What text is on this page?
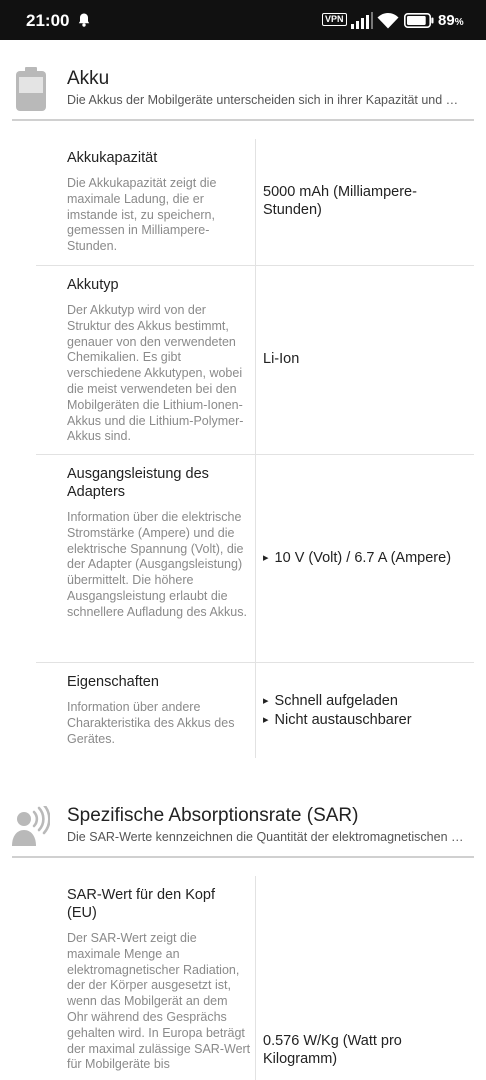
21:00	VPN	89%
Akku
Die Akkus der Mobilgeräte unterscheiden sich in ihrer Kapazität und …
Akkukapazität
Die Akkukapazität zeigt die maximale Ladung, die er imstande ist, zu speichern, gemessen in Milliampere-Stunden.
5000 mAh (Milliampere-Stunden)
Akkutyp
Der Akkutyp wird von der Struktur des Akkus bestimmt, genauer von den verwendeten Chemikalien. Es gibt verschiedene Akkutypen, wobei die meist verwendeten bei den Mobilgeräten die Lithium-Ionen-Akkus und die Lithium-Polymer-Akkus sind.
Li-Ion
Ausgangsleistung des Adapters
Information über die elektrische Stromstärke (Ampere) und die elektrische Spannung (Volt), die der Adapter (Ausgangsleistung) übermittelt. Die höhere Ausgangsleistung erlaubt die schnellere Aufladung des Akkus.
▸ 10 V (Volt) / 6.7 A (Ampere)
Eigenschaften
Information über andere Charakteristika des Akkus des Gerätes.
▸ Schnell aufgeladen
▸ Nicht austauschbarer
Spezifische Absorptionsrate (SAR)
Die SAR-Werte kennzeichnen die Quantität der elektromagnetischen …
SAR-Wert für den Kopf (EU)
Der SAR-Wert zeigt die maximale Menge an elektromagnetischer Radiation, der der Körper ausgesetzt ist, wenn das Mobilgerät an dem Ohr während des Gesprächs gehalten wird. In Europa beträgt der maximal zulässige SAR-Wert für Mobilgeräte bis
0.576 W/Kg (Watt pro Kilogramm)
